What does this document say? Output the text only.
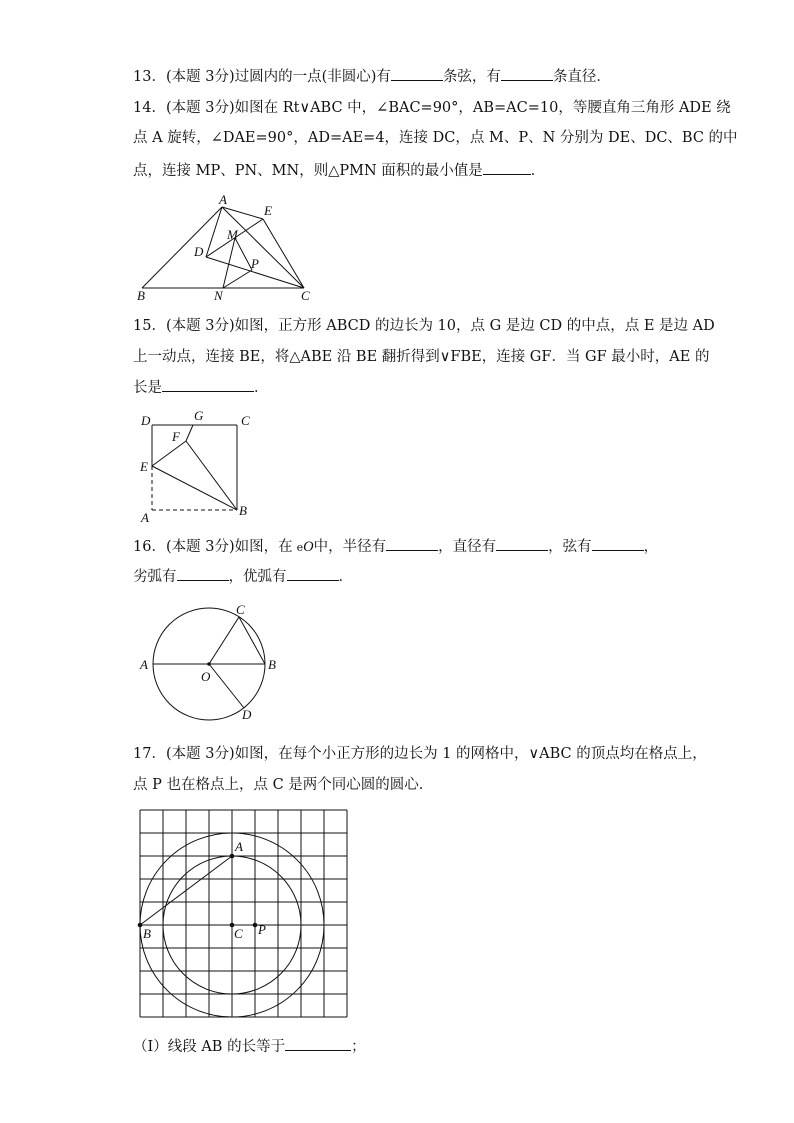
13．(本题 3分)过圆内的一点(非圆心)有	条弦，有	条直径．
14．(本题 3分)如图在 Rt∨ABC 中，∠BAC=90°，AB=AC=10，等腰直角三角形 ADE 绕
点 A 旋转，∠DAE=90°，AD=AE=4，连接 DC，点 M、P、N 分别为 DE、DC、BC 的中
点，连接 MP、PN、MN，则△PMN 面积的最小值是	．
A
E
M
D
P
B	N	C
15．(本题 3分)如图，正方形 ABCD 的边长为 10，点 G 是边 CD 的中点，点 E 是边 AD
上一动点，连接 BE，将△ABE 沿 BE 翻折得到∨FBE，连接 GF．当 GF 最小时，AE 的
长是	．
D	G	C
F
E
A	B
16．(本题 3分)如图，在 eO中，半径有	，直径有	，弦有	，
劣弧有	，优弧有	．
A	B
C
D
O
17．(本题 3分)如图，在每个小正方形的边长为 1 的网格中，∨ABC 的顶点均在格点上，
点 P 也在格点上，点 C 是两个同心圆的圆心．
A
B	C P
（Ⅰ）线段 AB 的长等于	；
